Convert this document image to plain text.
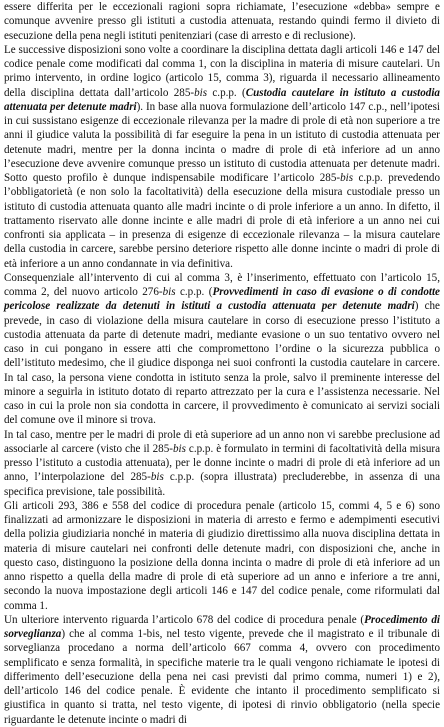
essere differita per le eccezionali ragioni sopra richiamate, l’esecuzione «debba» sempre e comunque avvenire presso gli istituti a custodia attenuata, restando quindi fermo il divieto di esecuzione della pena negli istituti penitenziari (case di arresto e di reclusione).

Le successive disposizioni sono volte a coordinare la disciplina dettata dagli articoli 146 e 147 del codice penale come modificati dal comma 1, con la disciplina in materia di misure cautelari. Un primo intervento, in ordine logico (articolo 15, comma 3), riguarda il necessario allineamento della disciplina dettata dall’articolo 285-bis c.p.p. (Custodia cautelare in istituto a custodia attenuata per detenute madri). In base alla nuova formulazione dell’articolo 147 c.p., nell’ipotesi in cui sussistano esigenze di eccezionale rilevanza per la madre di prole di età non superiore a tre anni il giudice valuta la possibilità di far eseguire la pena in un istituto di custodia attenuata per detenute madri, mentre per la donna incinta o madre di prole di età inferiore ad un anno l’esecuzione deve avvenire comunque presso un istituto di custodia attenuata per detenute madri. Sotto questo profilo è dunque indispensabile modificare l’articolo 285-bis c.p.p. prevedendo l’obbligatorietà (e non solo la facoltatività) della esecuzione della misura custodiale presso un istituto di custodia attenuata quanto alle madri incinte o di prole inferiore a un anno. In difetto, il trattamento riservato alle donne incinte e alle madri di prole di età inferiore a un anno nei cui confronti sia applicata – in presenza di esigenze di eccezionale rilevanza – la misura cautelare della custodia in carcere, sarebbe persino deteriore rispetto alle donne incinte o madri di prole di età inferiore a un anno condannate in via definitiva.

Consequenziale all’intervento di cui al comma 3, è l’inserimento, effettuato con l’articolo 15, comma 2, del nuovo articolo 276-bis c.p.p. (Provvedimenti in caso di evasione o di condotte pericolose realizzate da detenuti in istituti a custodia attenuata per detenute madri) che prevede, in caso di violazione della misura cautelare in corso di esecuzione presso l’istituto a custodia attenuata da parte di detenute madri, mediante evasione o un suo tentativo ovvero nel caso in cui pongano in essere atti che compromettono l’ordine o la sicurezza pubblica o dell’istituto medesimo, che il giudice disponga nei suoi confronti la custodia cautelare in carcere. In tal caso, la persona viene condotta in istituto senza la prole, salvo il preminente interesse del minore a seguirla in istituto dotato di reparto attrezzato per la cura e l’assistenza necessarie. Nel caso in cui la prole non sia condotta in carcere, il provvedimento è comunicato ai servizi sociali del comune ove il minore si trova.

In tal caso, mentre per le madri di prole di età superiore ad un anno non vi sarebbe preclusione ad associarle al carcere (visto che il 285-bis c.p.p. è formulato in termini di facoltatività della misura presso l’istituto a custodia attenuata), per le donne incinte o madri di prole di età inferiore ad un anno, l’interpolazione del 285-bis c.p.p. (sopra illustrata) precluderebbe, in assenza di una specifica previsione, tale possibilità.

Gli articoli 293, 386 e 558 del codice di procedura penale (articolo 15, commi 4, 5 e 6) sono finalizzati ad armonizzare le disposizioni in materia di arresto e fermo e adempimenti esecutivi della polizia giudiziaria nonché in materia di giudizio direttissimo alla nuova disciplina dettata in materia di misure cautelari nei confronti delle detenute madri, con disposizioni che, anche in questo caso, distinguono la posizione della donna incinta o madre di prole di età inferiore ad un anno rispetto a quella della madre di prole di età superiore ad un anno e inferiore a tre anni, secondo la nuova impostazione degli articoli 146 e 147 del codice penale, come riformulati dal comma 1.

Un ulteriore intervento riguarda l’articolo 678 del codice di procedura penale (Procedimento di sorveglianza) che al comma 1-bis, nel testo vigente, prevede che il magistrato e il tribunale di sorveglianza procedano a norma dell’articolo 667 comma 4, ovvero con procedimento semplificato e senza formalità, in specifiche materie tra le quali vengono richiamate le ipotesi di differimento dell’esecuzione della pena nei casi previsti dal primo comma, numeri 1) e 2), dell’articolo 146 del codice penale. È evidente che intanto il procedimento semplificato si giustifica in quanto si tratta, nel testo vigente, di ipotesi di rinvio obbligatorio (nella specie riguardante le detenute incinte o madri di
